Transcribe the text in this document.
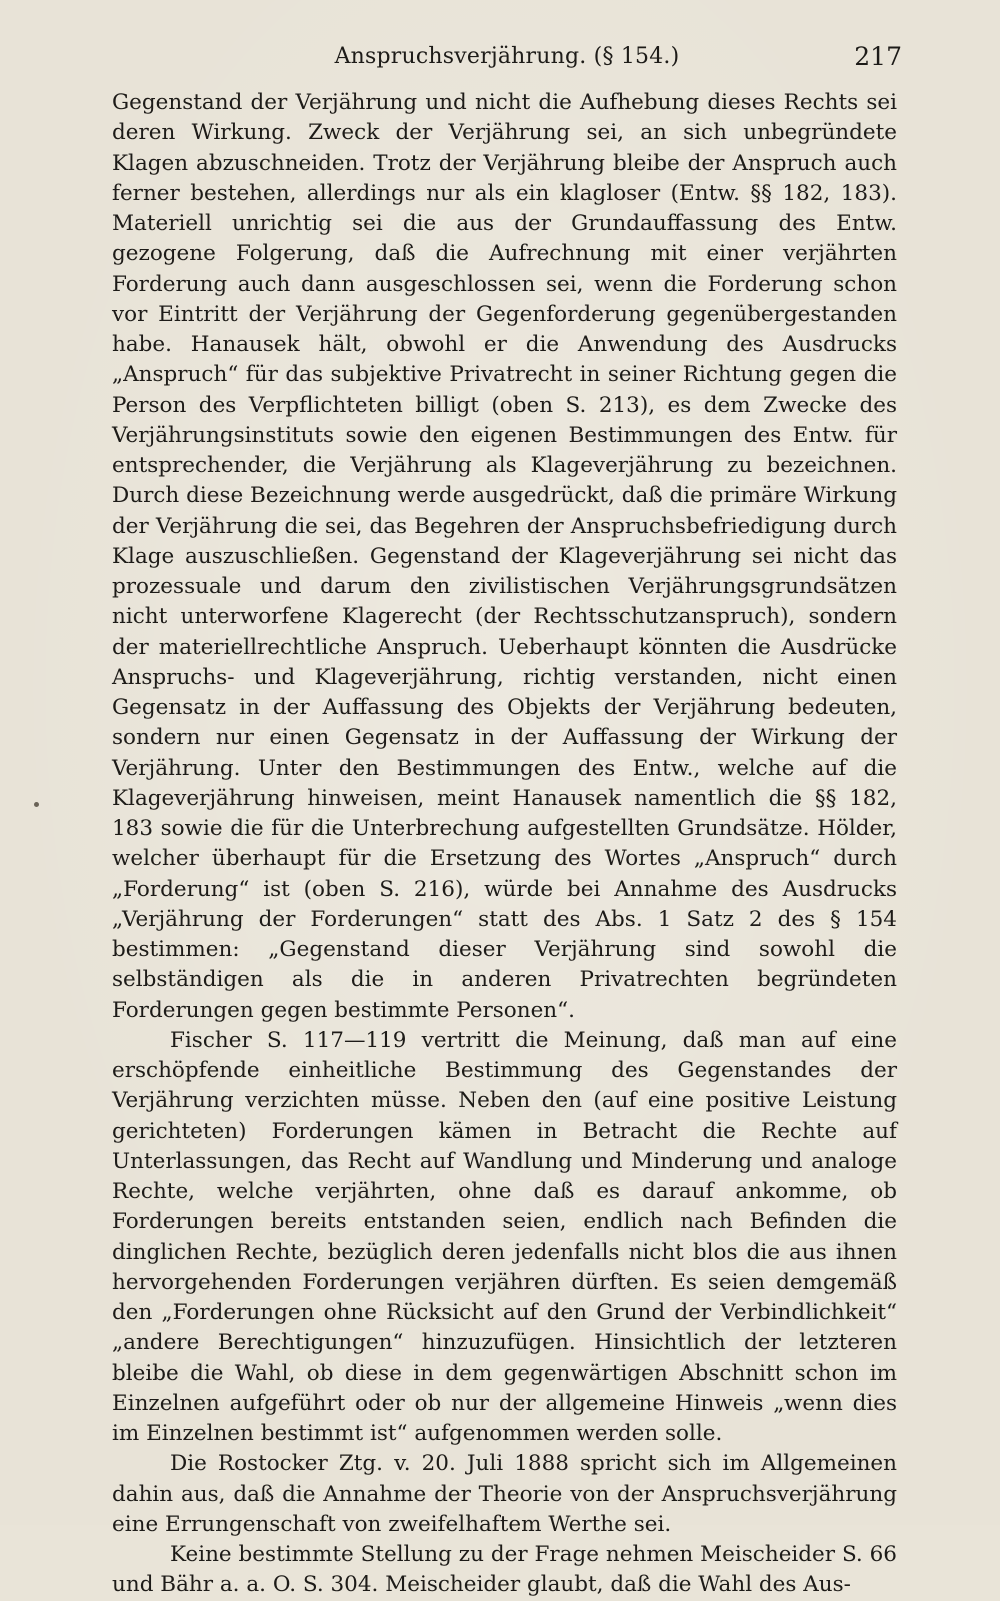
Anspruchsverjährung. (§ 154.)	217

Gegenstand der Verjährung und nicht die Aufhebung dieses Rechts sei deren Wirkung. Zweck der Verjährung sei, an sich unbegründete Klagen abzuschneiden. Trotz der Verjährung bleibe der Anspruch auch ferner bestehen, allerdings nur als ein klagloser (Entw. §§ 182, 183). Materiell unrichtig sei die aus der Grundauffassung des Entw. gezogene Folgerung, daß die Aufrechnung mit einer verjährten Forderung auch dann ausgeschlossen sei, wenn die Forderung schon vor Eintritt der Verjährung der Gegenforderung gegenübergestanden habe. Hanausek hält, obwohl er die Anwendung des Ausdrucks „Anspruch“ für das subjektive Privatrecht in seiner Richtung gegen die Person des Verpflichteten billigt (oben S. 213), es dem Zwecke des Verjährungsinstituts sowie den eigenen Bestimmungen des Entw. für entsprechender, die Verjährung als Klageverjährung zu bezeichnen. Durch diese Bezeichnung werde ausgedrückt, daß die primäre Wirkung der Verjährung die sei, das Begehren der Anspruchsbefriedigung durch Klage auszuschließen. Gegenstand der Klageverjährung sei nicht das prozessuale und darum den zivilistischen Verjährungsgrundsätzen nicht unterworfene Klagerecht (der Rechtsschutzanspruch), sondern der materiellrechtliche Anspruch. Ueberhaupt könnten die Ausdrücke Anspruchs- und Klageverjährung, richtig verstanden, nicht einen Gegensatz in der Auffassung des Objekts der Verjährung bedeuten, sondern nur einen Gegensatz in der Auffassung der Wirkung der Verjährung. Unter den Bestimmungen des Entw., welche auf die Klageverjährung hinweisen, meint Hanausek namentlich die §§ 182, 183 sowie die für die Unterbrechung aufgestellten Grundsätze. Hölder, welcher überhaupt für die Ersetzung des Wortes „Anspruch“ durch „Forderung“ ist (oben S. 216), würde bei Annahme des Ausdrucks „Verjährung der Forderungen“ statt des Abs. 1 Satz 2 des § 154 bestimmen: „Gegenstand dieser Verjährung sind sowohl die selbständigen als die in anderen Privatrechten begründeten Forderungen gegen bestimmte Personen“.

Fischer S. 117—119 vertritt die Meinung, daß man auf eine erschöpfende einheitliche Bestimmung des Gegenstandes der Verjährung verzichten müsse. Neben den (auf eine positive Leistung gerichteten) Forderungen kämen in Betracht die Rechte auf Unterlassungen, das Recht auf Wandlung und Minderung und analoge Rechte, welche verjährten, ohne daß es darauf ankomme, ob Forderungen bereits entstanden seien, endlich nach Befinden die dinglichen Rechte, bezüglich deren jedenfalls nicht blos die aus ihnen hervorgehenden Forderungen verjähren dürften. Es seien demgemäß den „Forderungen ohne Rücksicht auf den Grund der Verbindlichkeit“ „andere Berechtigungen“ hinzuzufügen. Hinsichtlich der letzteren bleibe die Wahl, ob diese in dem gegenwärtigen Abschnitt schon im Einzelnen aufgeführt oder ob nur der allgemeine Hinweis „wenn dies im Einzelnen bestimmt ist“ aufgenommen werden solle.

Die Rostocker Ztg. v. 20. Juli 1888 spricht sich im Allgemeinen dahin aus, daß die Annahme der Theorie von der Anspruchsverjährung eine Errungenschaft von zweifelhaftem Werthe sei.

Keine bestimmte Stellung zu der Frage nehmen Meischeider S. 66 und Bähr a. a. O. S. 304. Meischeider glaubt, daß die Wahl des Aus-
